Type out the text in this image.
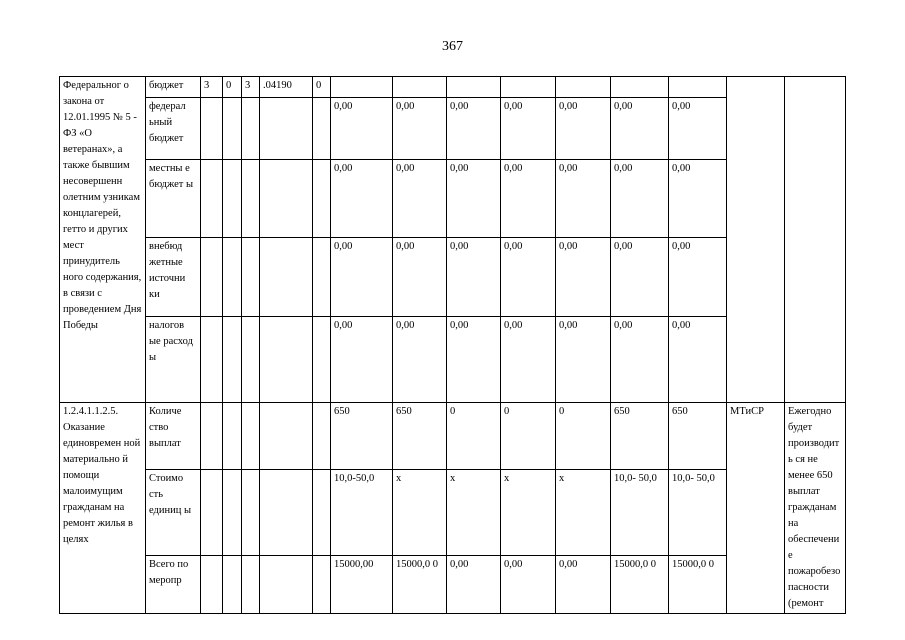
367
Федеральног о закона от 12.01.1995 № 5 - ФЗ «О ветеранах», а также бывшим несовершенн олетним узникам концлагерей, гетто и других мест принудитель ного содержания, в связи с проведением Дня Победы	бюджет	3	0	3	.04190	0									
	федерал ьный бюджет						0,00	0,00	0,00	0,00	0,00	0,00	0,00		
	местны е бюджет ы						0,00	0,00	0,00	0,00	0,00	0,00	0,00		
	внебюд жетные источни ки						0,00	0,00	0,00	0,00	0,00	0,00	0,00		
	налогов ые расход ы						0,00	0,00	0,00	0,00	0,00	0,00	0,00		
1.2.4.1.1.2.5. Оказание единовремен ной материально й помощи малоимущим гражданам на ремонт жилья в целях	Количе ство выплат						650	650	0	0	0	650	650	МТиСР	Ежегодно будет производить ся не менее 650 выплат гражданам на обеспечение пожаробезо пасности (ремонт
	Стоимо сть единиц ы						10,0-50,0	х	х	х	х	10,0- 50,0	10,0- 50,0		
	Всего по меропр						15000,00	15000,0 0	0,00	0,00	0,00	15000,0 0	15000,0 0		
